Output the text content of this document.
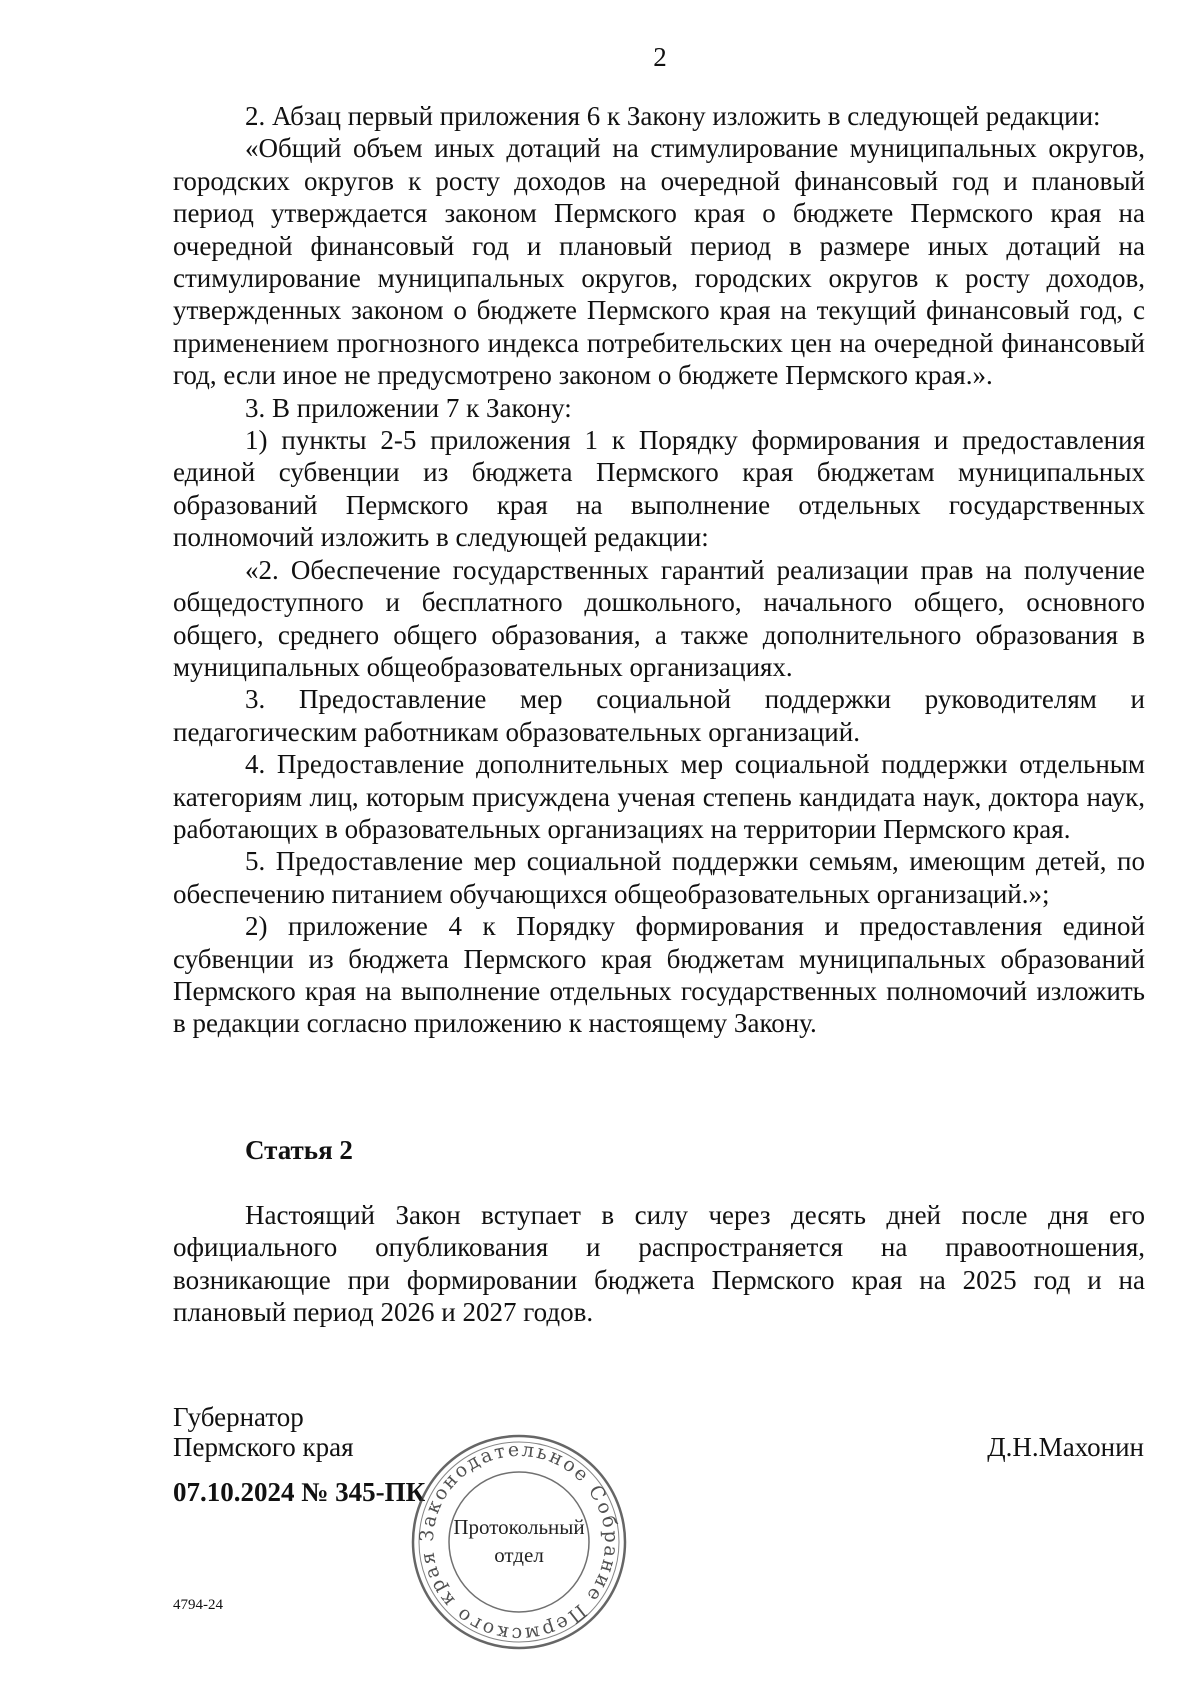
2

2. Абзац первый приложения 6 к Закону изложить в следующей редакции:

«Общий объем иных дотаций на стимулирование муниципальных округов, городских округов к росту доходов на очередной финансовый год и плановый период утверждается законом Пермского края о бюджете Пермского края на очередной финансовый год и плановый период в размере иных дотаций на стимулирование муниципальных округов, городских округов к росту доходов, утвержденных законом о бюджете Пермского края на текущий финансовый год, с применением прогнозного индекса потребительских цен на очередной финансовый год, если иное не предусмотрено законом о бюджете Пермского края.».

3. В приложении 7 к Закону:

1) пункты 2-5 приложения 1 к Порядку формирования и предоставления единой субвенции из бюджета Пермского края бюджетам муниципальных образований Пермского края на выполнение отдельных государственных полномочий изложить в следующей редакции:

«2. Обеспечение государственных гарантий реализации прав на получение общедоступного и бесплатного дошкольного, начального общего, основного общего, среднего общего образования, а также дополнительного образования в муниципальных общеобразовательных организациях.

3. Предоставление мер социальной поддержки руководителям и педагогическим работникам образовательных организаций.

4. Предоставление дополнительных мер социальной поддержки отдельным категориям лиц, которым присуждена ученая степень кандидата наук, доктора наук, работающих в образовательных организациях на территории Пермского края.

5. Предоставление мер социальной поддержки семьям, имеющим детей, по обеспечению питанием обучающихся общеобразовательных организаций.»;

2) приложение 4 к Порядку формирования и предоставления единой субвенции из бюджета Пермского края бюджетам муниципальных образований Пермского края на выполнение отдельных государственных полномочий изложить в редакции согласно приложению к настоящему Закону.

Статья 2

Настоящий Закон вступает в силу через десять дней после дня его официального опубликования и распространяется на правоотношения, возникающие при формировании бюджета Пермского края на 2025 год и на плановый период 2026 и 2027 годов.

Губернатор
Пермского края	Д.Н.Махонин
07.10.2024 № 345-ПК
4794-24
Законодательное Собрание Пермского края
Протокольный
отдел
